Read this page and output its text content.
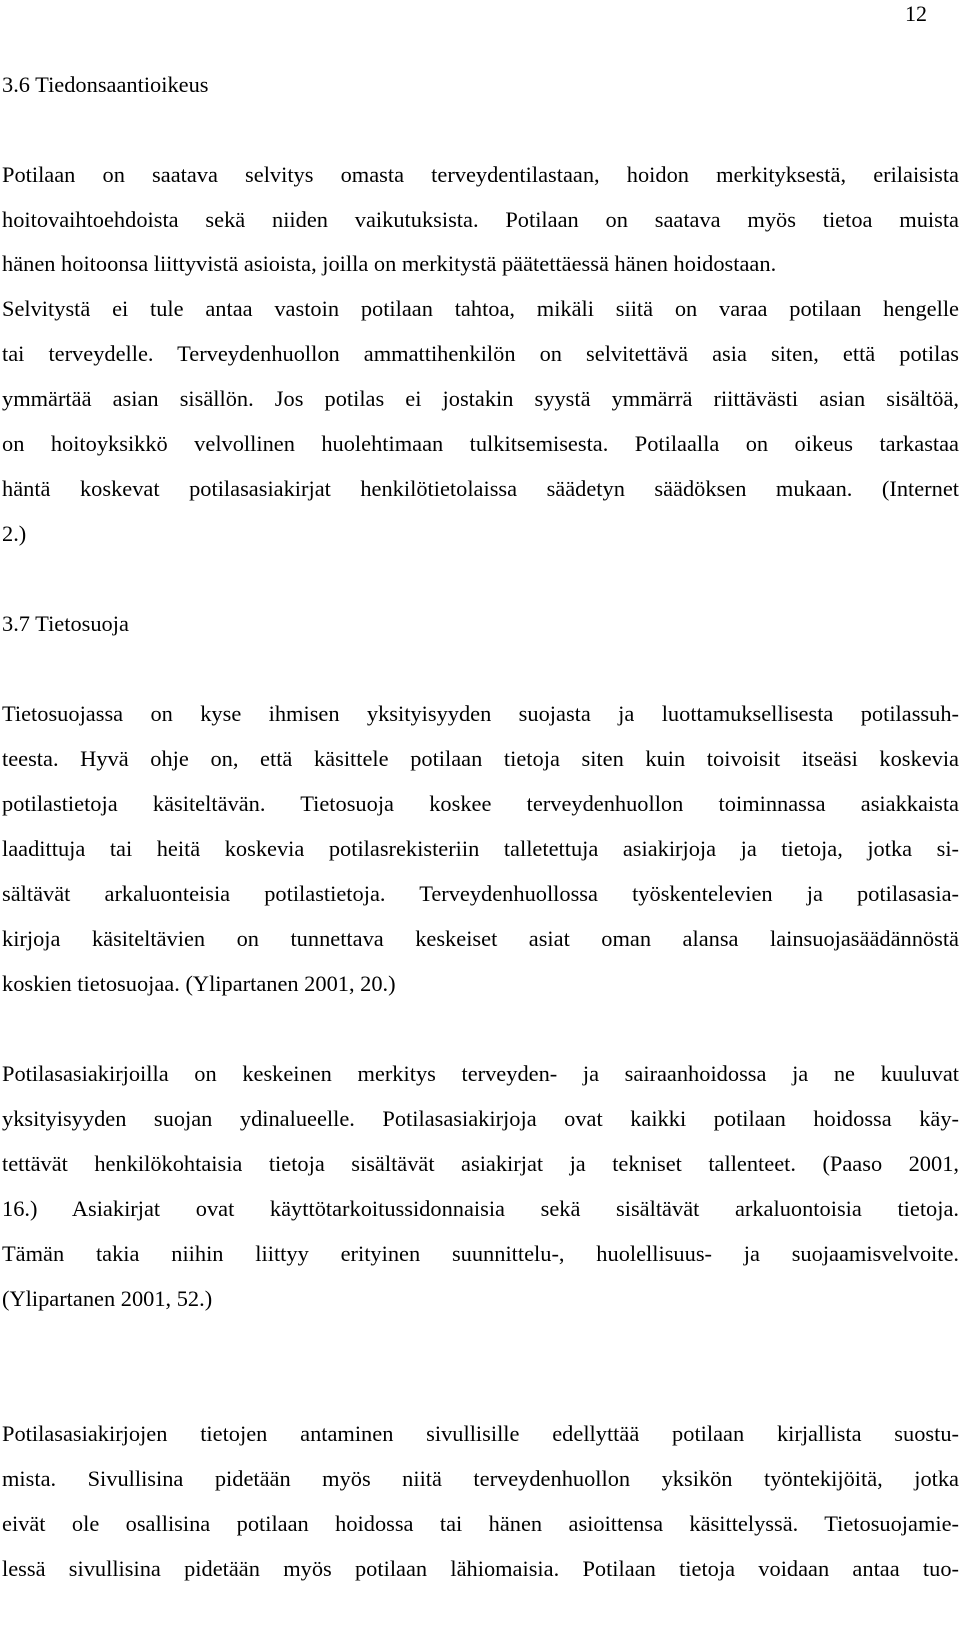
12
3.6 Tiedonsaantioikeus
Potilaan on saatava selvitys omasta terveydentilastaan, hoidon merkityksestä, erilaisista
hoitovaihtoehdoista sekä niiden vaikutuksista. Potilaan on saatava myös tietoa muista
hänen hoitoonsa liittyvistä asioista, joilla on merkitystä päätettäessä hänen hoidostaan.
Selvitystä ei tule antaa vastoin potilaan tahtoa, mikäli siitä on varaa potilaan hengelle
tai terveydelle. Terveydenhuollon ammattihenkilön on selvitettävä asia siten, että potilas
ymmärtää asian sisällön. Jos potilas ei jostakin syystä ymmärrä riittävästi asian sisältöä,
on hoitoyksikkö velvollinen huolehtimaan tulkitsemisesta. Potilaalla on oikeus tarkastaa
häntä koskevat potilasasiakirjat henkilötietolaissa säädetyn säädöksen mukaan. (Internet
2.)
3.7 Tietosuoja
Tietosuojassa on kyse ihmisen yksityisyyden suojasta ja luottamuksellisesta potilassuh-
teesta. Hyvä ohje on, että käsittele potilaan tietoja siten kuin toivoisit itseäsi koskevia
potilastietoja käsiteltävän. Tietosuoja koskee terveydenhuollon toiminnassa asiakkaista
laadittuja tai heitä koskevia potilasrekisteriin talletettuja asiakirjoja ja tietoja, jotka si-
sältävät arkaluonteisia potilastietoja. Terveydenhuollossa työskentelevien ja potilasasia-
kirjoja käsiteltävien on tunnettava keskeiset asiat oman alansa lainsuojasäädännöstä
koskien tietosuojaa. (Ylipartanen 2001, 20.)
Potilasasiakirjoilla on keskeinen merkitys terveyden- ja sairaanhoidossa ja ne kuuluvat
yksityisyyden suojan ydinalueelle. Potilasasiakirjoja ovat kaikki potilaan hoidossa käy-
tettävät henkilökohtaisia tietoja sisältävät asiakirjat ja tekniset tallenteet. (Paaso 2001,
16.) Asiakirjat ovat käyttötarkoitussidonnaisia sekä sisältävät arkaluontoisia tietoja.
Tämän takia niihin liittyy erityinen suunnittelu-, huolellisuus- ja suojaamisvelvoite.
(Ylipartanen 2001, 52.)
Potilasasiakirjojen tietojen antaminen sivullisille edellyttää potilaan kirjallista suostu-
mista. Sivullisina pidetään myös niitä terveydenhuollon yksikön työntekijöitä, jotka
eivät ole osallisina potilaan hoidossa tai hänen asioittensa käsittelyssä. Tietosuojamie-
lessä sivullisina pidetään myös potilaan lähiomaisia. Potilaan tietoja voidaan antaa tuo-
